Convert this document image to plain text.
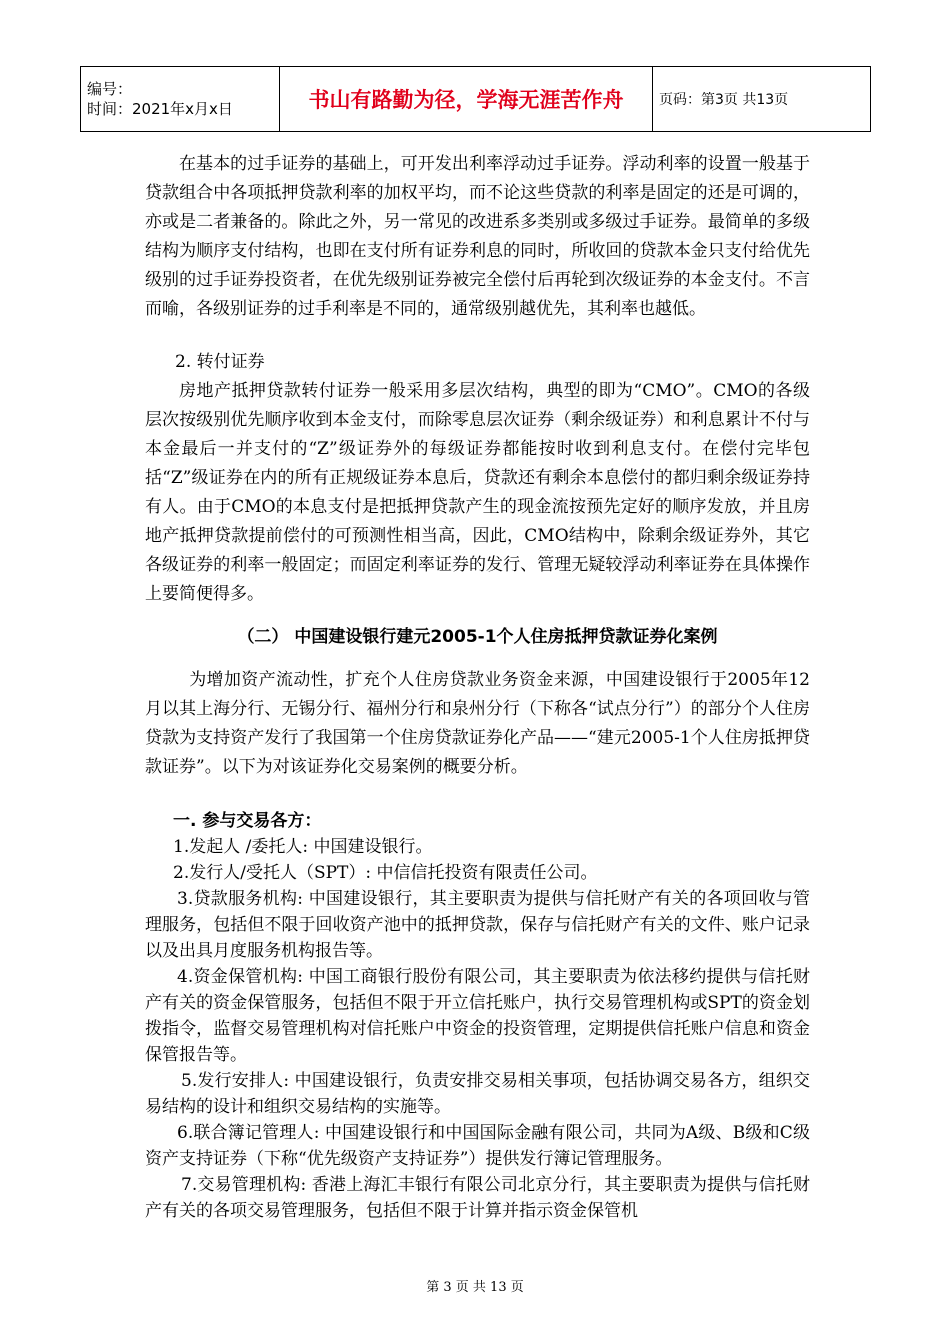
编号：
时间：2021年x月x日	书山有路勤为径，学海无涯苦作舟	页码：第3页 共13页

在基本的过手证券的基础上，可开发出利率浮动过手证券。浮动利率的设置一般基于贷款组合中各项抵押贷款利率的加权平均，而不论这些贷款的利率是固定的还是可调的，亦或是二者兼备的。除此之外，另一常见的改进系多类别或多级过手证券。最简单的多级结构为顺序支付结构，也即在支付所有证券利息的同时，所收回的贷款本金只支付给优先级别的过手证券投资者，在优先级别证券被完全偿付后再轮到次级证券的本金支付。不言而喻，各级别证券的过手利率是不同的，通常级别越优先，其利率也越低。

2. 转付证券

房地产抵押贷款转付证券一般采用多层次结构，典型的即为“CMO”。CMO的各级层次按级别优先顺序收到本金支付，而除零息层次证券（剩余级证券）和利息累计不付与本金最后一并支付的“Z”级证券外的每级证券都能按时收到利息支付。在偿付完毕包括“Z”级证券在内的所有正规级证券本息后，贷款还有剩余本息偿付的都归剩余级证券持有人。由于CMO的本息支付是把抵押贷款产生的现金流按预先定好的顺序发放，并且房地产抵押贷款提前偿付的可预测性相当高，因此，CMO结构中，除剩余级证券外，其它各级证券的利率一般固定；而固定利率证券的发行、管理无疑较浮动利率证券在具体操作上要简便得多。

（二） 中国建设银行建元2005-1个人住房抵押贷款证券化案例

为增加资产流动性，扩充个人住房贷款业务资金来源，中国建设银行于2005年12月以其上海分行、无锡分行、福州分行和泉州分行（下称各“试点分行”）的部分个人住房贷款为支持资产发行了我国第一个住房贷款证券化产品——“建元2005-1个人住房抵押贷款证券”。以下为对该证券化交易案例的概要分析。

一. 参与交易各方：

1.发起人 /委托人: 中国建设银行。

2.发行人/受托人（SPT）: 中信信托投资有限责任公司。

3.贷款服务机构: 中国建设银行，其主要职责为提供与信托财产有关的各项回收与管理服务，包括但不限于回收资产池中的抵押贷款，保存与信托财产有关的文件、账户记录以及出具月度服务机构报告等。

4.资金保管机构: 中国工商银行股份有限公司，其主要职责为依法移约提供与信托财产有关的资金保管服务，包括但不限于开立信托账户，执行交易管理机构或SPT的资金划拨指令，监督交易管理机构对信托账户中资金的投资管理，定期提供信托账户信息和资金保管报告等。

5.发行安排人: 中国建设银行，负责安排交易相关事项，包括协调交易各方，组织交易结构的设计和组织交易结构的实施等。

6.联合簿记管理人: 中国建设银行和中国国际金融有限公司，共同为A级、B级和C级资产支持证券（下称“优先级资产支持证券”）提供发行簿记管理服务。

7.交易管理机构: 香港上海汇丰银行有限公司北京分行，其主要职责为提供与信托财产有关的各项交易管理服务，包括但不限于计算并指示资金保管机

第 3 页 共 13 页
